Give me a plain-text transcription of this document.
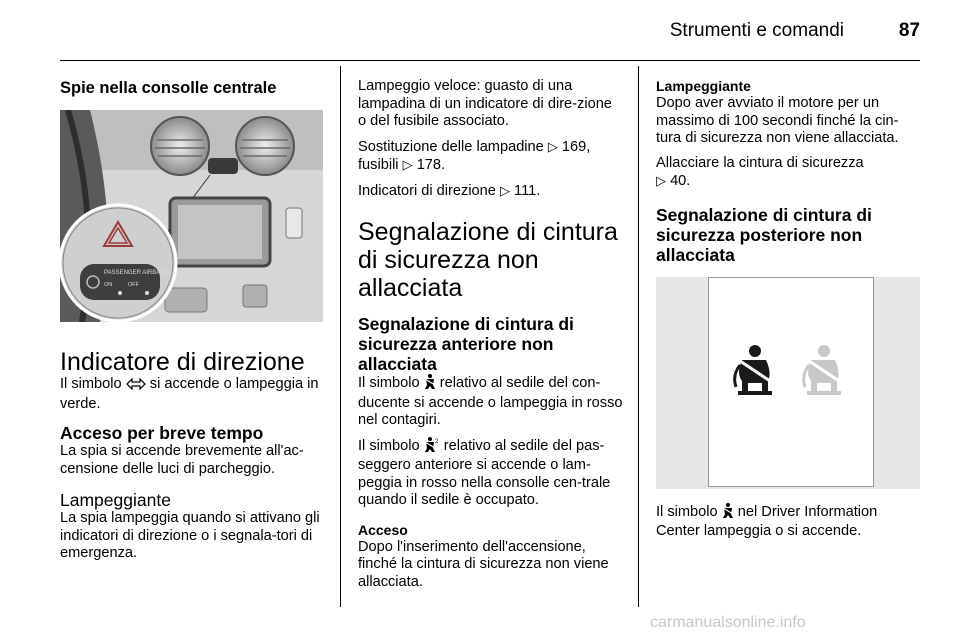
Strumenti e comandi	87

Spie nella consolle centrale

PASSENGER AIRBAG
ON	OFF

Indicatore di direzione

Il simbolo si accende o lampeggia in verde.

Acceso per breve tempo

La spia si accende brevemente all'ac-censione delle luci di parcheggio.

Lampeggiante

La spia lampeggia quando si attivano gli indicatori di direzione o i segnala-tori di emergenza.

Lampeggio veloce: guasto di una lampadina di un indicatore di dire-zione o del fusibile associato.

Sostituzione delle lampadine ▷ 169, fusibili ▷ 178.

Indicatori di direzione ▷ 111.

Segnalazione di cintura di sicurezza non allacciata

Segnalazione di cintura di sicurezza anteriore non allacciata

Il simbolo relativo al sedile del con-ducente si accende o lampeggia in rosso nel contagiri.

Il simbolo	2 relativo al sedile del pas-seggero anteriore si accende o lam-peggia in rosso nella consolle cen-trale quando il sedile è occupato.

Acceso

Dopo l'inserimento dell'accensione, finché la cintura di sicurezza non viene allacciata.

Lampeggiante

Dopo aver avviato il motore per un massimo di 100 secondi finché la cin-tura di sicurezza non viene allacciata.

Allacciare la cintura di sicurezza
▷ 40.

Segnalazione di cintura di sicurezza posteriore non allacciata

Il simbolo nel Driver Information Center lampeggia o si accende.

carmanualsonline.info
